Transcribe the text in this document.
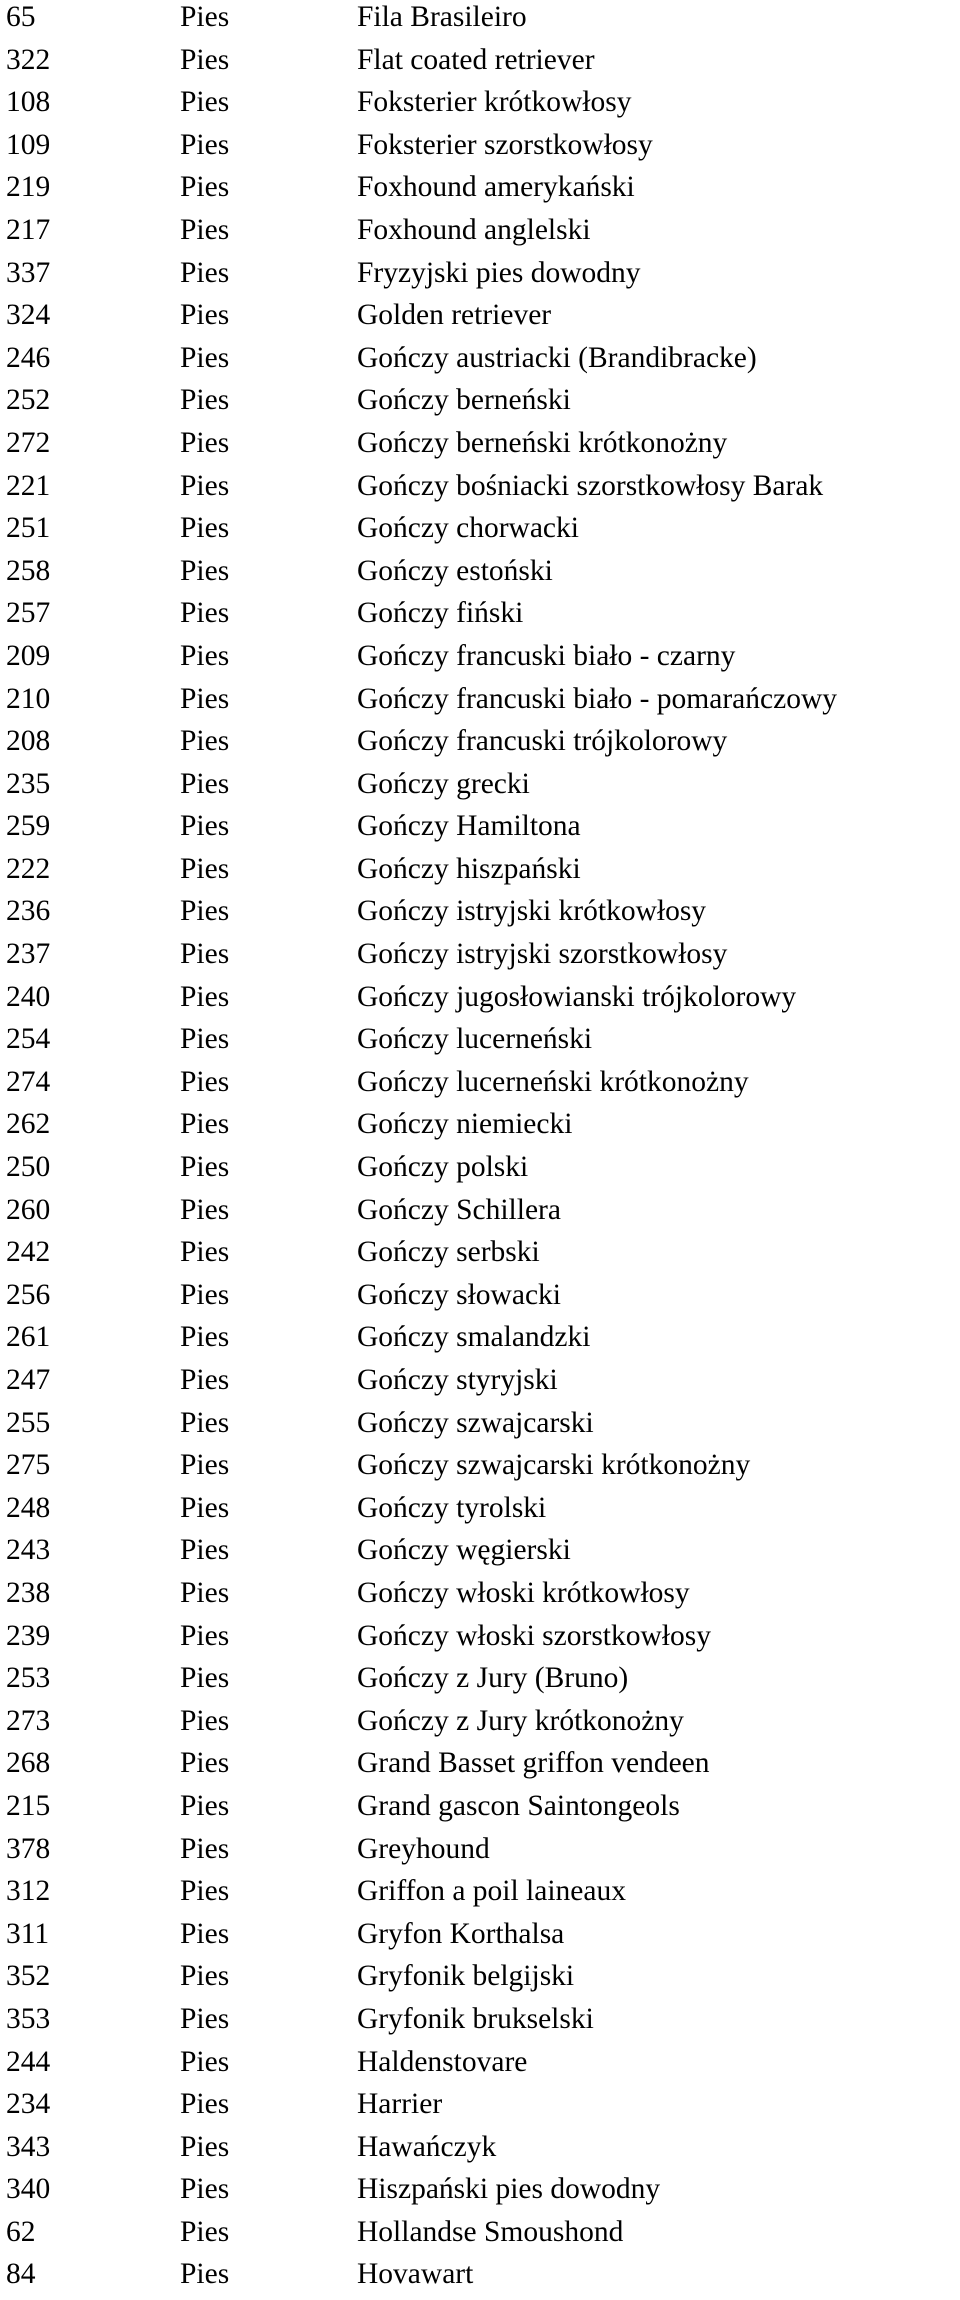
65	Pies	Fila Brasileiro
322	Pies	Flat coated retriever
108	Pies	Foksterier krótkowłosy
109	Pies	Foksterier szorstkowłosy
219	Pies	Foxhound amerykański
217	Pies	Foxhound anglelski
337	Pies	Fryzyjski pies dowodny
324	Pies	Golden retriever
246	Pies	Gończy austriacki (Brandibracke)
252	Pies	Gończy berneński
272	Pies	Gończy berneński krótkonożny
221	Pies	Gończy bośniacki szorstkowłosy Barak
251	Pies	Gończy chorwacki
258	Pies	Gończy estoński
257	Pies	Gończy fiński
209	Pies	Gończy francuski biało - czarny
210	Pies	Gończy francuski biało - pomarańczowy
208	Pies	Gończy francuski trójkolorowy
235	Pies	Gończy grecki
259	Pies	Gończy Hamiltona
222	Pies	Gończy hiszpański
236	Pies	Gończy istryjski krótkowłosy
237	Pies	Gończy istryjski szorstkowłosy
240	Pies	Gończy jugosłowianski trójkolorowy
254	Pies	Gończy lucerneński
274	Pies	Gończy lucerneński krótkonożny
262	Pies	Gończy niemiecki
250	Pies	Gończy polski
260	Pies	Gończy Schillera
242	Pies	Gończy serbski
256	Pies	Gończy słowacki
261	Pies	Gończy smalandzki
247	Pies	Gończy styryjski
255	Pies	Gończy szwajcarski
275	Pies	Gończy szwajcarski krótkonożny
248	Pies	Gończy tyrolski
243	Pies	Gończy węgierski
238	Pies	Gończy włoski krótkowłosy
239	Pies	Gończy włoski szorstkowłosy
253	Pies	Gończy z Jury (Bruno)
273	Pies	Gończy z Jury krótkonożny
268	Pies	Grand Basset griffon vendeen
215	Pies	Grand gascon Saintongeols
378	Pies	Greyhound
312	Pies	Griffon a poil laineaux
311	Pies	Gryfon Korthalsa
352	Pies	Gryfonik belgijski
353	Pies	Gryfonik brukselski
244	Pies	Haldenstovare
234	Pies	Harrier
343	Pies	Hawańczyk
340	Pies	Hiszpański pies dowodny
62	Pies	Hollandse Smoushond
84	Pies	Hovawart
